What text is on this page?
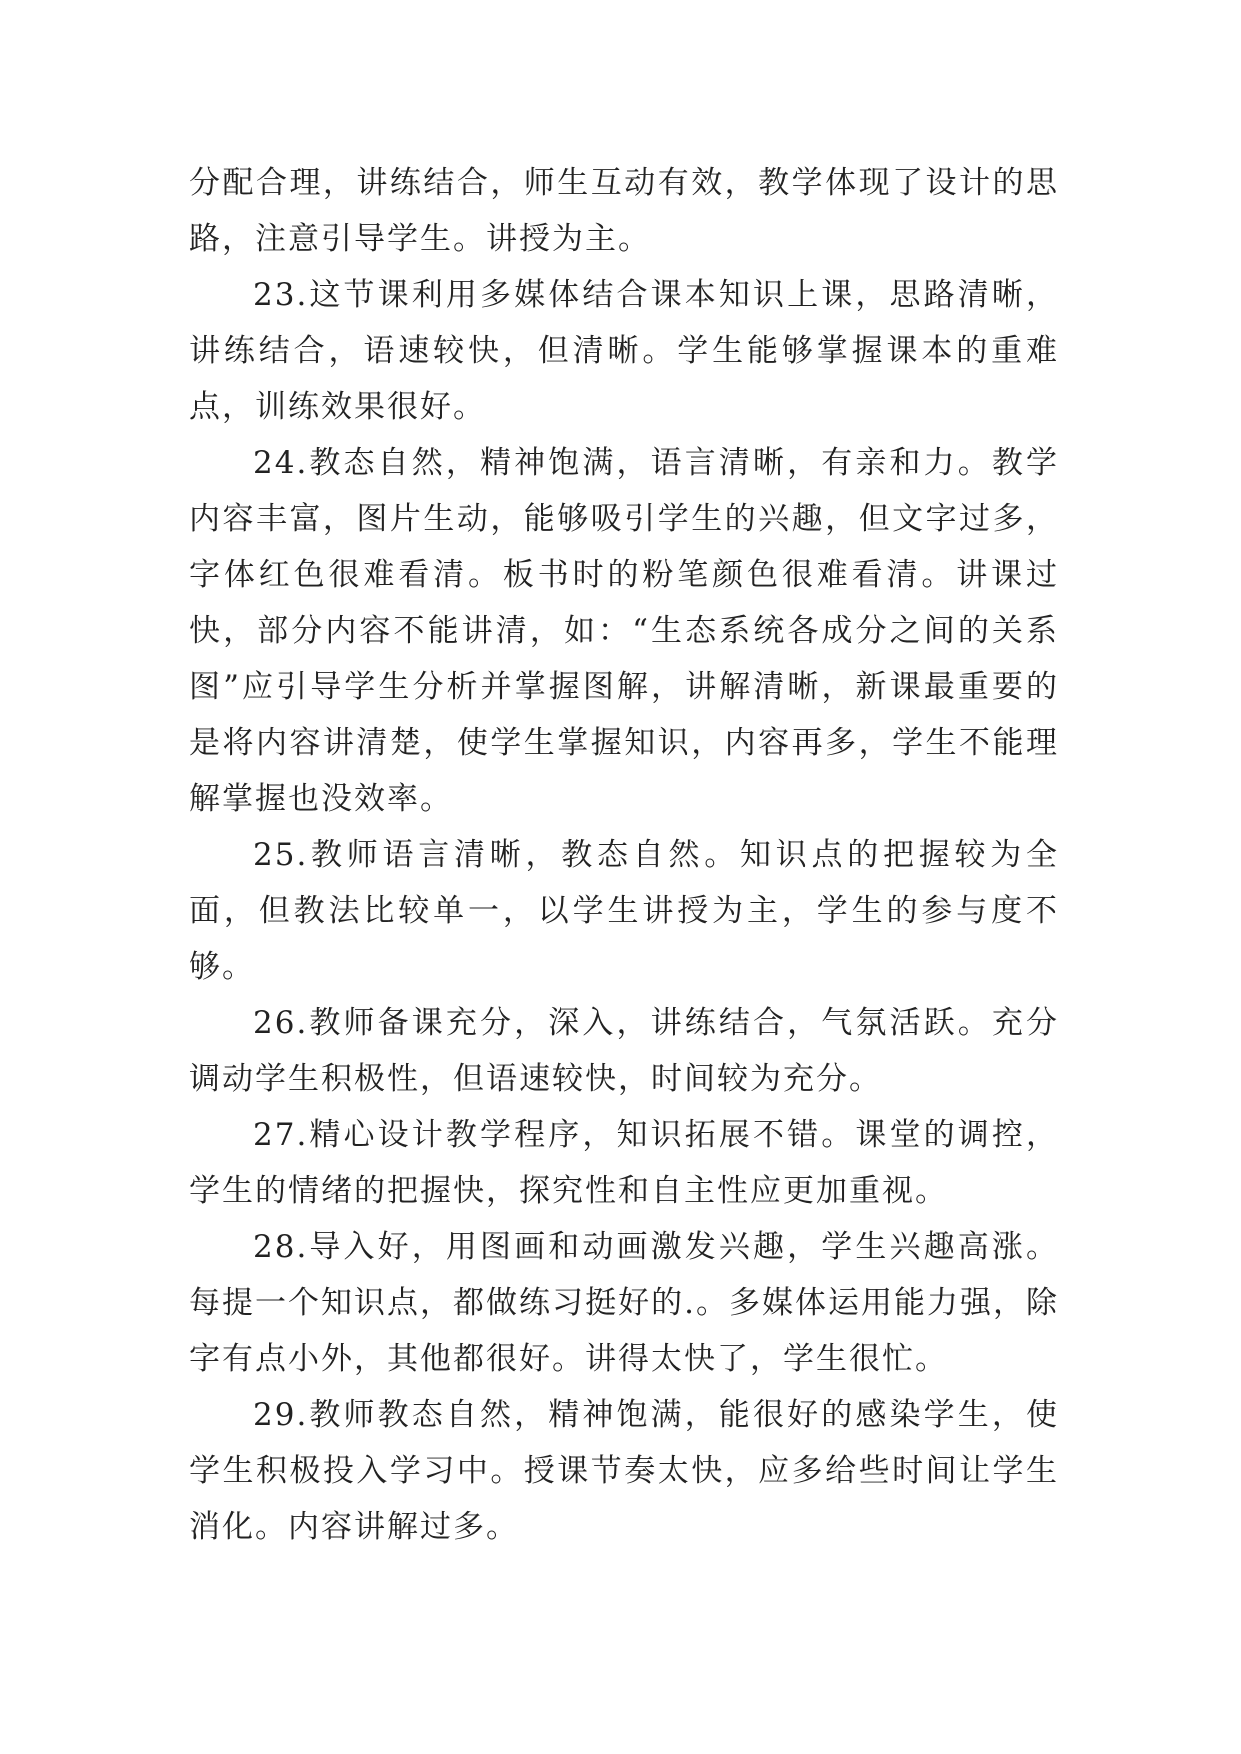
分配合理，讲练结合，师生互动有效，教学体现了设计的思路，注意引导学生。讲授为主。

23.这节课利用多媒体结合课本知识上课，思路清晰，讲练结合，语速较快，但清晰。学生能够掌握课本的重难点，训练效果很好。

24.教态自然，精神饱满，语言清晰，有亲和力。教学内容丰富，图片生动，能够吸引学生的兴趣，但文字过多，字体红色很难看清。板书时的粉笔颜色很难看清。讲课过快，部分内容不能讲清，如：“生态系统各成分之间的关系图”应引导学生分析并掌握图解，讲解清晰，新课最重要的是将内容讲清楚，使学生掌握知识，内容再多，学生不能理解掌握也没效率。

25.教师语言清晰，教态自然。知识点的把握较为全面，但教法比较单一，以学生讲授为主，学生的参与度不够。

26.教师备课充分，深入，讲练结合，气氛活跃。充分调动学生积极性，但语速较快，时间较为充分。

27.精心设计教学程序，知识拓展不错。课堂的调控，学生的情绪的把握快，探究性和自主性应更加重视。

28.导入好，用图画和动画激发兴趣，学生兴趣高涨。每提一个知识点，都做练习挺好的.。多媒体运用能力强，除字有点小外，其他都很好。讲得太快了，学生很忙。

29.教师教态自然，精神饱满，能很好的感染学生，使学生积极投入学习中。授课节奏太快，应多给些时间让学生消化。内容讲解过多。
